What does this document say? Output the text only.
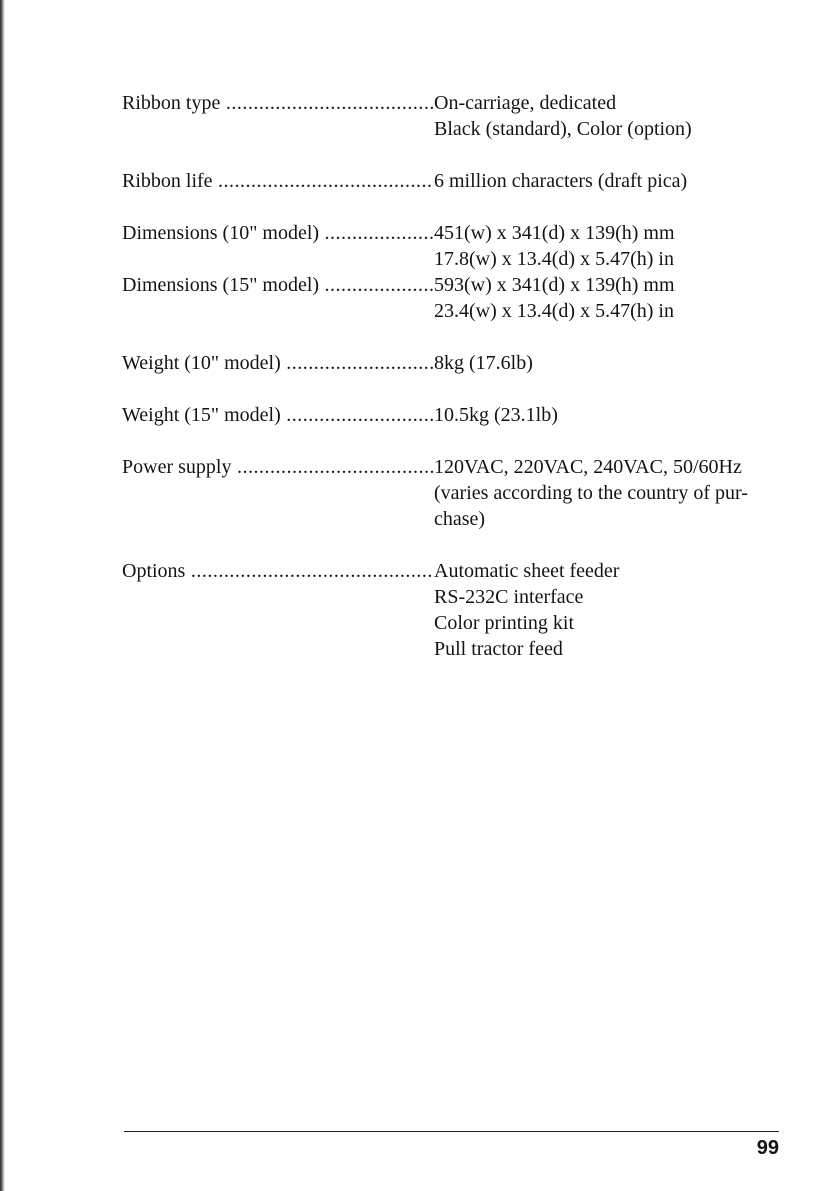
Ribbon type .....	On-carriage, dedicated
Black (standard), Color (option)
Ribbon life .....	6 million characters (draft pica)
Dimensions (10" model) .....	451(w) x 341(d) x 139(h) mm
17.8(w) x 13.4(d) x 5.47(h) in
Dimensions (15" model) .....	593(w) x 341(d) x 139(h) mm
23.4(w) x 13.4(d) x 5.47(h) in
Weight (10" model) .....	8kg (17.6lb)
Weight (15" model) .....	10.5kg (23.1lb)
Power supply .....	120VAC, 220VAC, 240VAC, 50/60Hz
(varies according to the country of pur-
chase)
Options .....	Automatic sheet feeder
RS-232C interface
Color printing kit
Pull tractor feed
99
